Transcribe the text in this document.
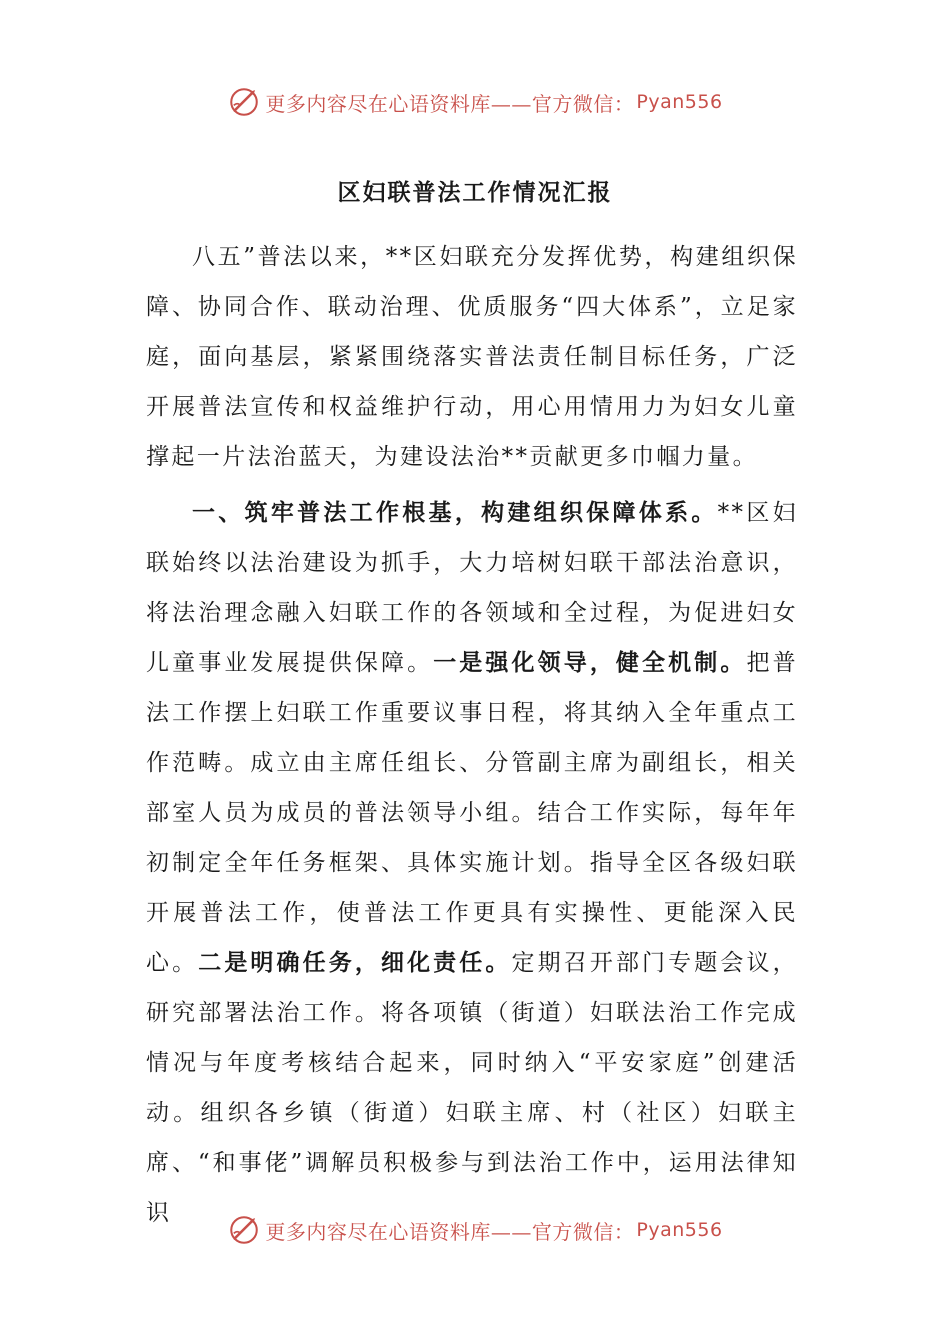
更多内容尽在心语资料库——官方微信： Pyan556
区妇联普法工作情况汇报

八五”普法以来，**区妇联充分发挥优势，构建组织保障、协同合作、联动治理、优质服务“四大体系”，立足家庭，面向基层，紧紧围绕落实普法责任制目标任务，广泛开展普法宣传和权益维护行动，用心用情用力为妇女儿童撑起一片法治蓝天，为建设法治**贡献更多巾帼力量。

一、筑牢普法工作根基，构建组织保障体系。**区妇联始终以法治建设为抓手，大力培树妇联干部法治意识，将法治理念融入妇联工作的各领域和全过程，为促进妇女儿童事业发展提供保障。一是强化领导，健全机制。把普法工作摆上妇联工作重要议事日程，将其纳入全年重点工作范畴。成立由主席任组长、分管副主席为副组长，相关部室人员为成员的普法领导小组。结合工作实际，每年年初制定全年任务框架、具体实施计划。指导全区各级妇联开展普法工作，使普法工作更具有实操性、更能深入民心。二是明确任务，细化责任。定期召开部门专题会议，研究部署法治工作。将各项镇（街道）妇联法治工作完成情况与年度考核结合起来，同时纳入“平安家庭”创建活动。组织各乡镇（街道）妇联主席、村（社区）妇联主席、“和事佬”调解员积极参与到法治工作中，运用法律知识

更多内容尽在心语资料库——官方微信： Pyan556
